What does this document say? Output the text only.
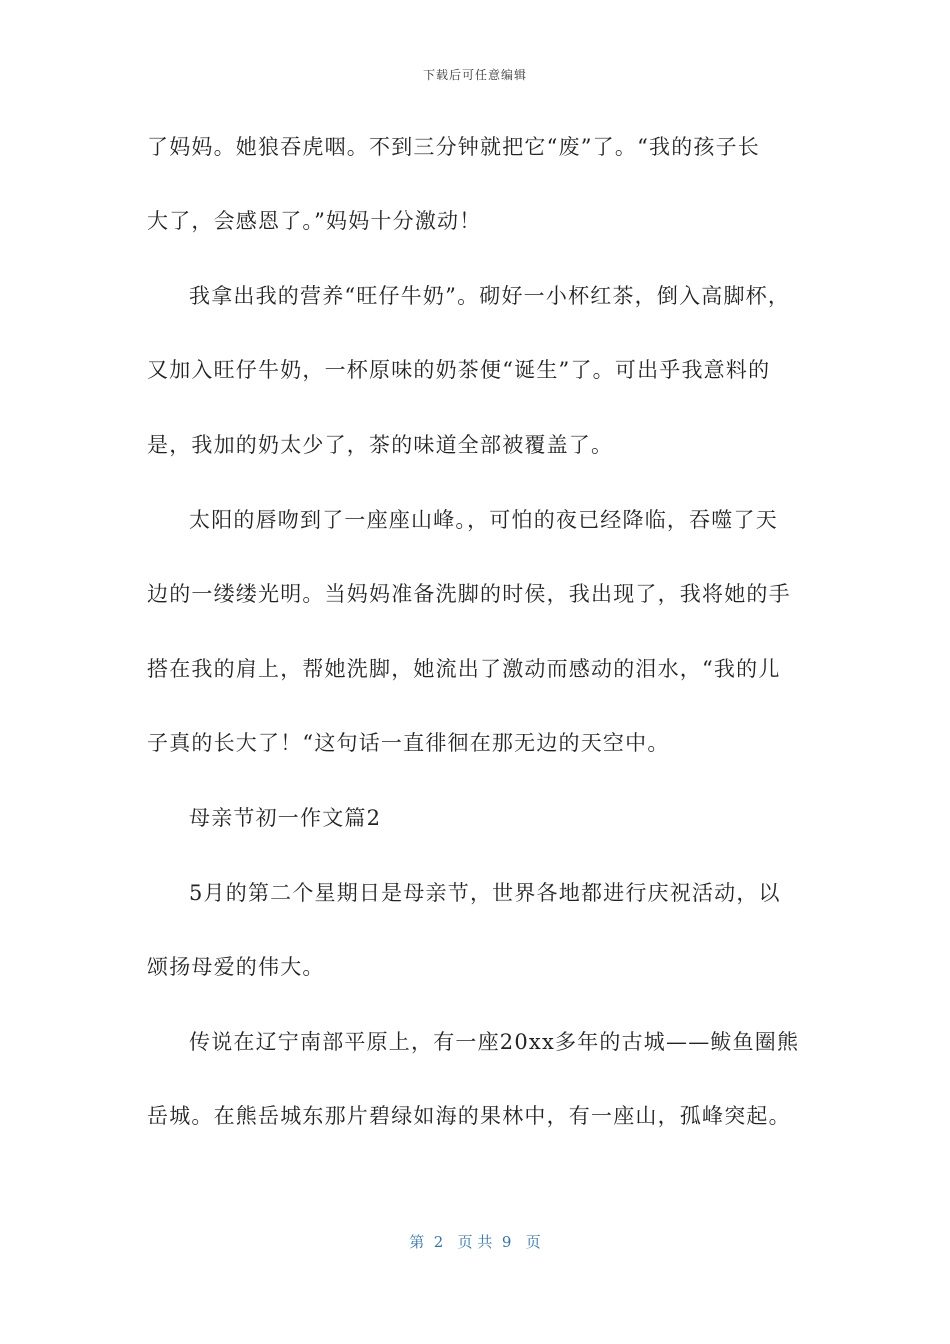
下载后可任意编辑
了妈妈。她狼吞虎咽。不到三分钟就把它“废”了。“我的孩子长
大了，会感恩了。”妈妈十分激动！
我拿出我的营养“旺仔牛奶”。砌好一小杯红茶，倒入高脚杯，
又加入旺仔牛奶，一杯原味的奶茶便“诞生”了。可出乎我意料的
是，我加的奶太少了，茶的味道全部被覆盖了。
太阳的唇吻到了一座座山峰。，可怕的夜已经降临，吞噬了天
边的一缕缕光明。当妈妈准备洗脚的时侯，我出现了，我将她的手
搭在我的肩上，帮她洗脚，她流出了激动而感动的泪水，“我的儿
子真的长大了！“这句话一直徘徊在那无边的天空中。
母亲节初一作文篇2
5月的第二个星期日是母亲节，世界各地都进行庆祝活动，以
颂扬母爱的伟大。
传说在辽宁南部平原上，有一座20xx多年的古城——鲅鱼圈熊
岳城。在熊岳城东那片碧绿如海的果林中，有一座山，孤峰突起。
第  2   页 共  9   页
